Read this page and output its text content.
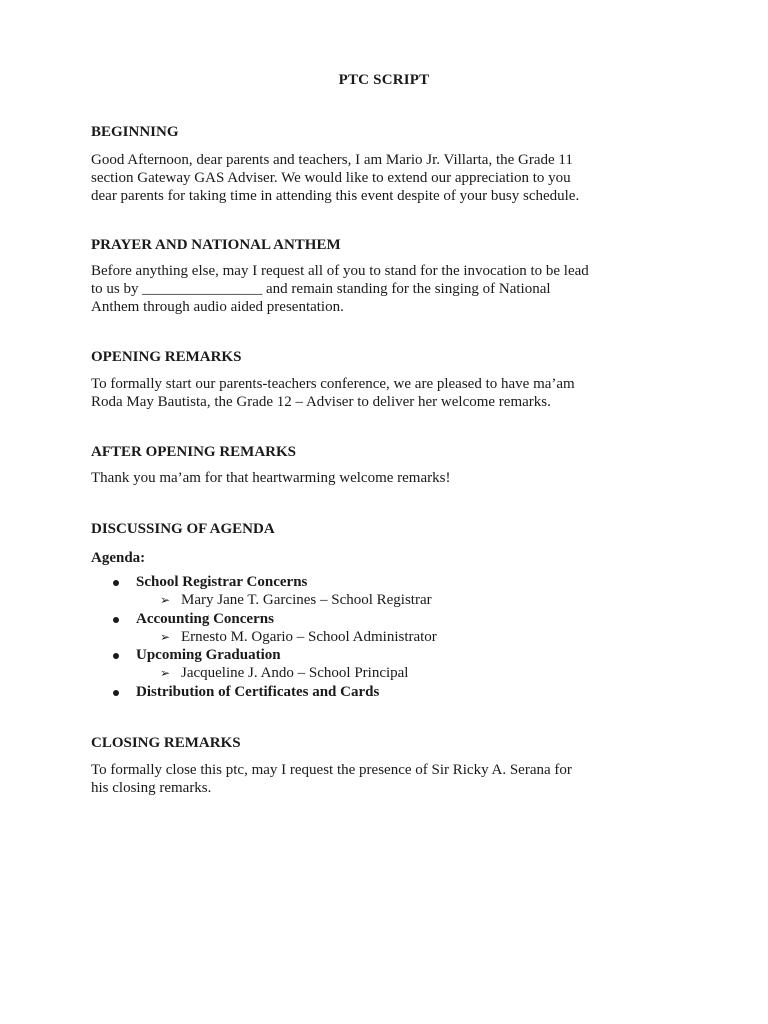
PTC SCRIPT

BEGINNING

Good Afternoon, dear parents and teachers, I am Mario Jr. Villarta, the Grade 11
section Gateway GAS Adviser. We would like to extend our appreciation to you
dear parents for taking time in attending this event despite of your busy schedule.

PRAYER AND NATIONAL ANTHEM

Before anything else, may I request all of you to stand for the invocation to be lead
to us by ________________ and remain standing for the singing of National
Anthem through audio aided presentation.

OPENING REMARKS

To formally start our parents-teachers conference, we are pleased to have ma’am
Roda May Bautista, the Grade 12 – Adviser to deliver her welcome remarks.

AFTER OPENING REMARKS

Thank you ma’am for that heartwarming welcome remarks!

DISCUSSING OF AGENDA

Agenda:

School Registrar Concerns
➢ Mary Jane T. Garcines – School Registrar
Accounting Concerns
➢ Ernesto M. Ogario – School Administrator
Upcoming Graduation
➢ Jacqueline J. Ando – School Principal
Distribution of Certificates and Cards

CLOSING REMARKS

To formally close this ptc, may I request the presence of Sir Ricky A. Serana for
his closing remarks.
